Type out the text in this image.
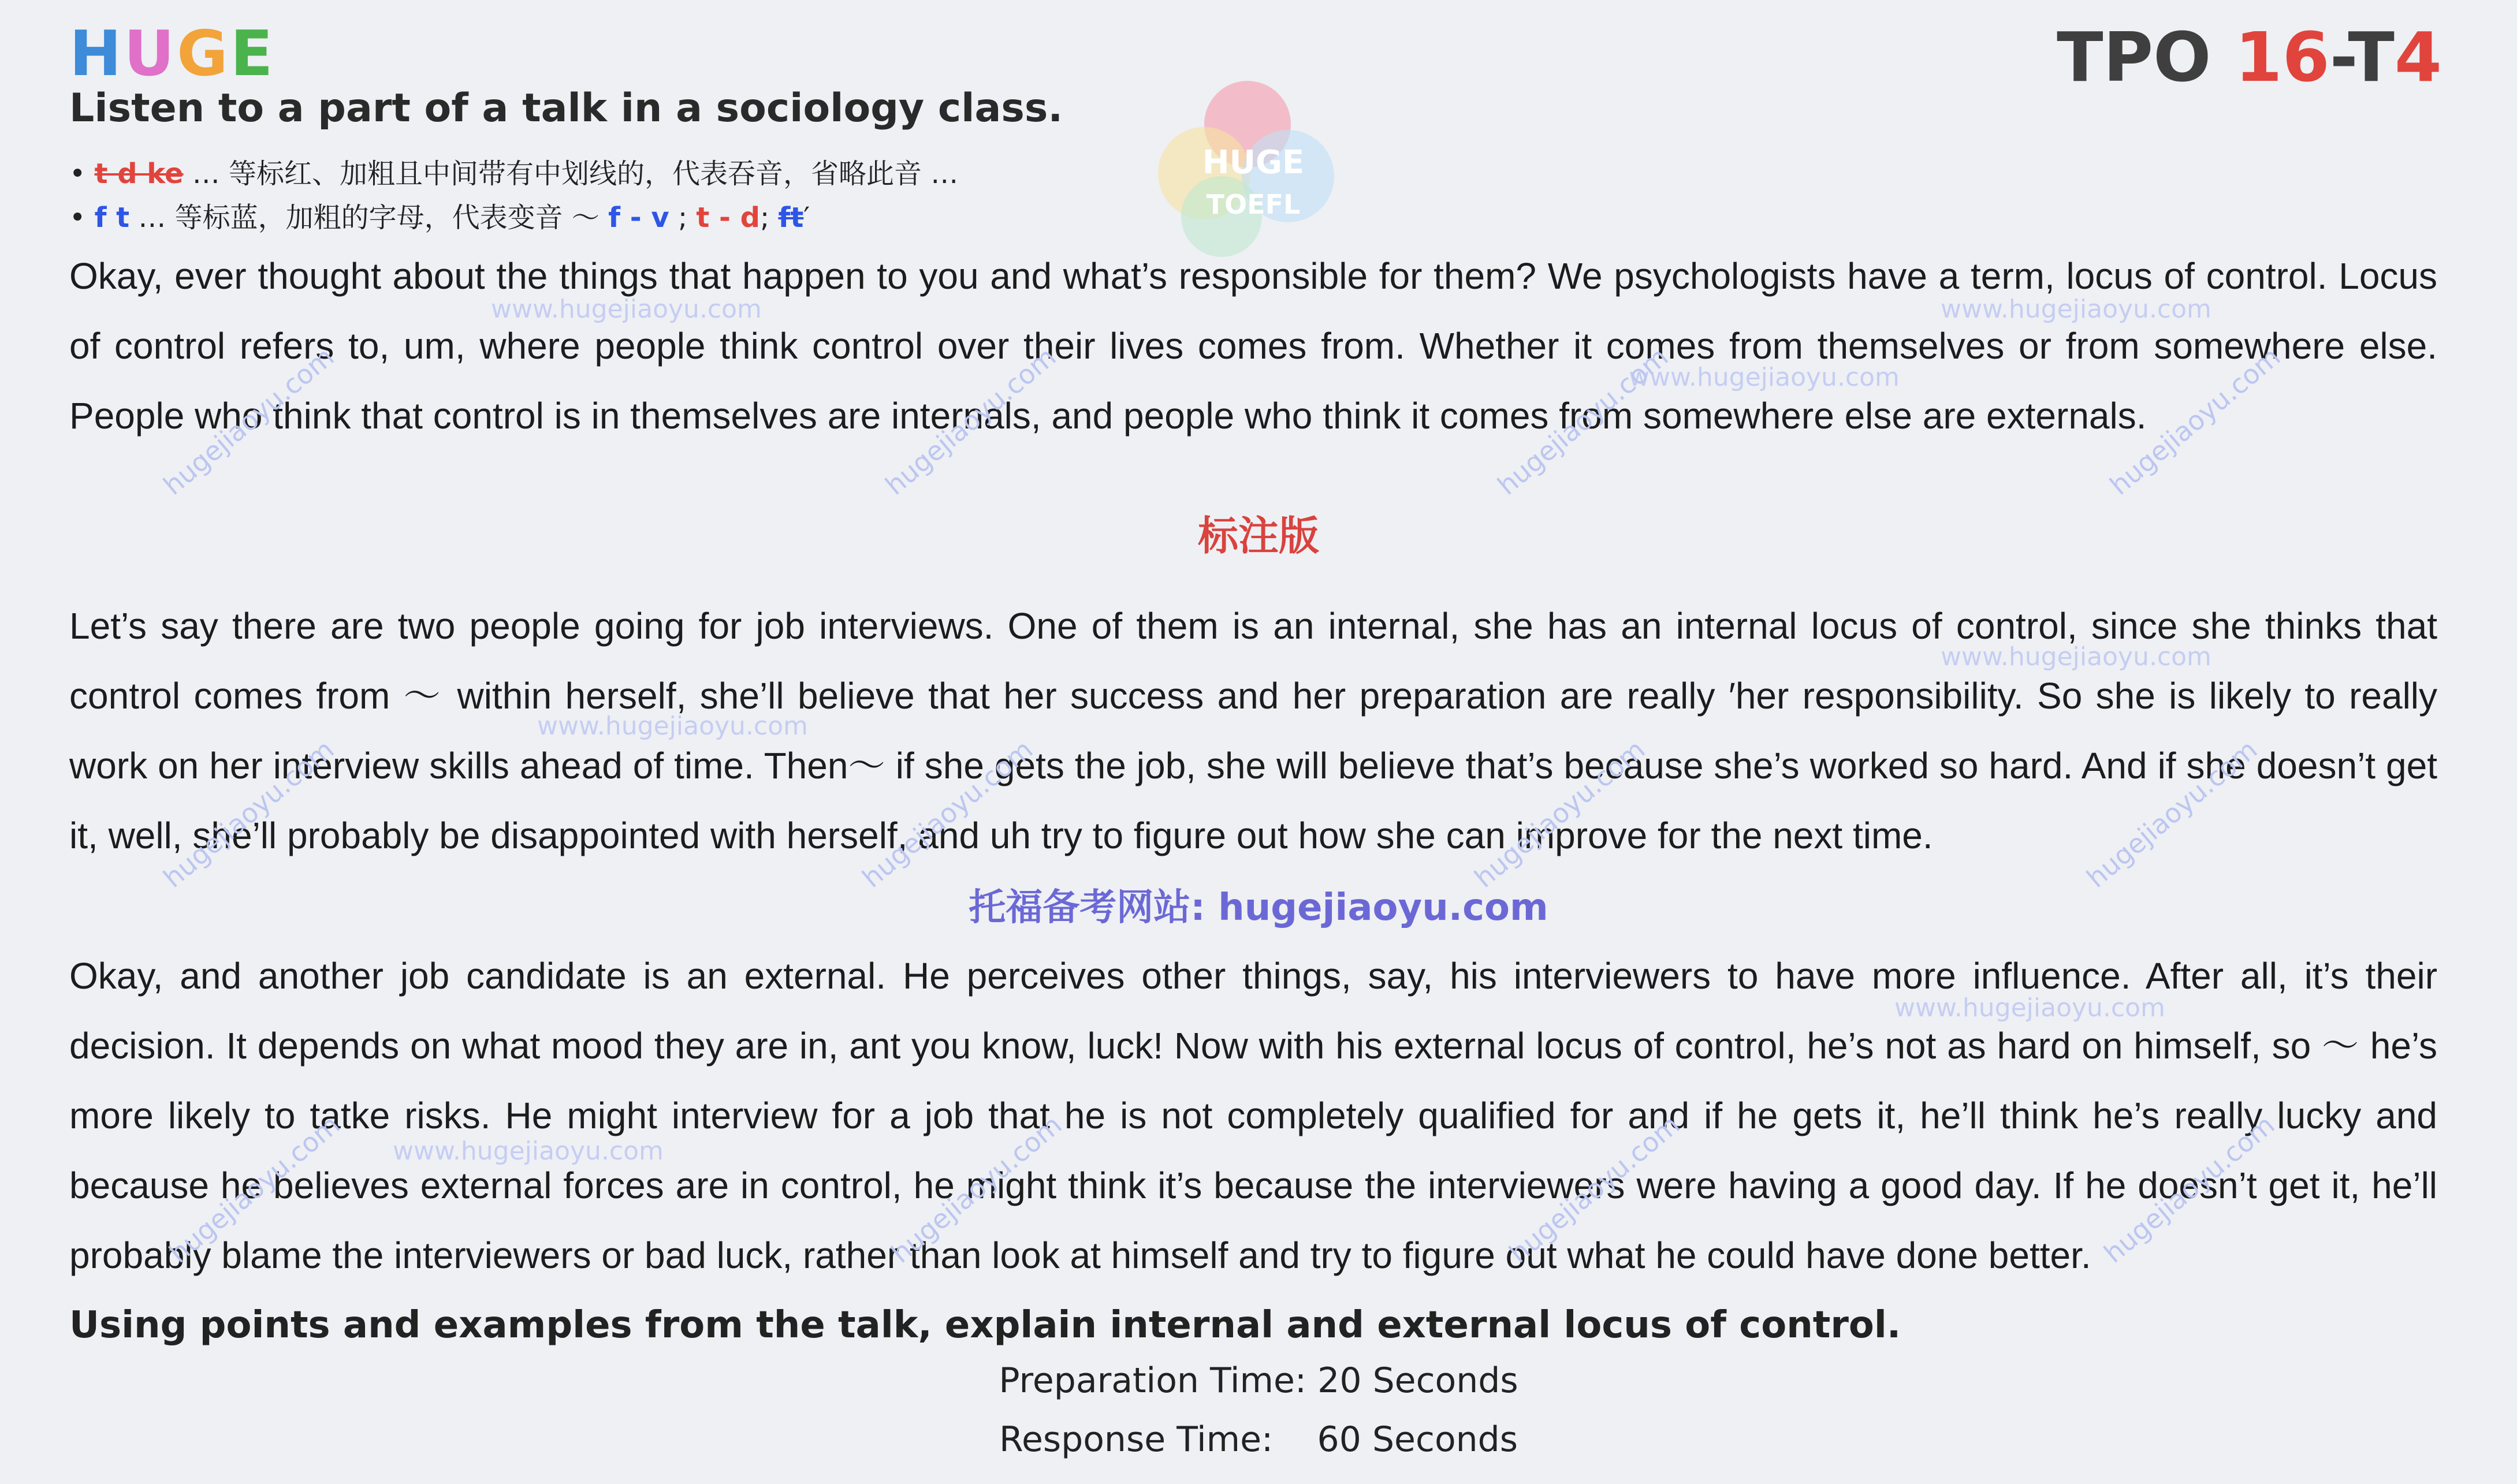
HUGE	TPO 16-T4
HUGE
TOEFL
Listen to a part of a talk in a sociology class.
• t d ke … 等标红、加粗且中间带有中划线的，代表吞音，省略此音 …
• f t … 等标蓝，加粗的字母，代表变音 ～ f - v ; t - d; ft′

Okay, ever thought about the things that happen to you and what’s responsible for them? We psychologists have a term, locus of control. Locus of control refers to, um, where people think control over their lives comes from. Whether it comes from themselves or from somewhere else. People who think that control is in themselves are internals, and people who think it comes from somewhere else are externals.

标注版

Let’s say there are two people going for job interviews. One of them is an internal, she has an internal locus of control, since she thinks that control comes from ～ within herself, she’ll believe that her success and her preparation are really ′her responsibility. So she is likely to really work on her interview skills ahead of time. Then～ if she gets the job, she will believe that’s because she’s worked so hard. And if she doesn’t get it, well, she’ll probably be disappointed with herself, and uh try to figure out how she can improve for the next time.

托福备考网站: hugejiaoyu.com

Okay, and another job candidate is an external. He perceives other things, say, his interviewers to have more influence. After all, it’s their decision. It depends on what mood they are in, ant you know, luck! Now with his external locus of control, he’s not as hard on himself, so ～ he’s more likely to tatke risks. He might interview for a job that he is not completely qualified for and if he gets it, he’ll think he’s really lucky and because he believes external forces are in control, he might think it’s because the interviewers were having a good day. If he doesn’t get it, he’ll probably blame the interviewers or bad luck, rather than look at himself and try to figure out what he could have done better.

Using points and examples from the talk, explain internal and external locus of control.
Preparation Time: 20 Seconds
Response Time:    60 Seconds
www.hugejiaoyu.com	www.hugejiaoyu.com
www.hugejiaoyu.com
www.hugejiaoyu.com
www.hugejiaoyu.com
www.hugejiaoyu.com
www.hugejiaoyu.com
hugejiaoyu.com	hugejiaoyu.com	hugejiaoyu.com	hugejiaoyu.com
hugejiaoyu.com	hugejiaoyu.com	hugejiaoyu.com	hugejiaoyu.com
hugejiaoyu.com	hugejiaoyu.com	hugejiaoyu.com	hugejiaoyu.com
